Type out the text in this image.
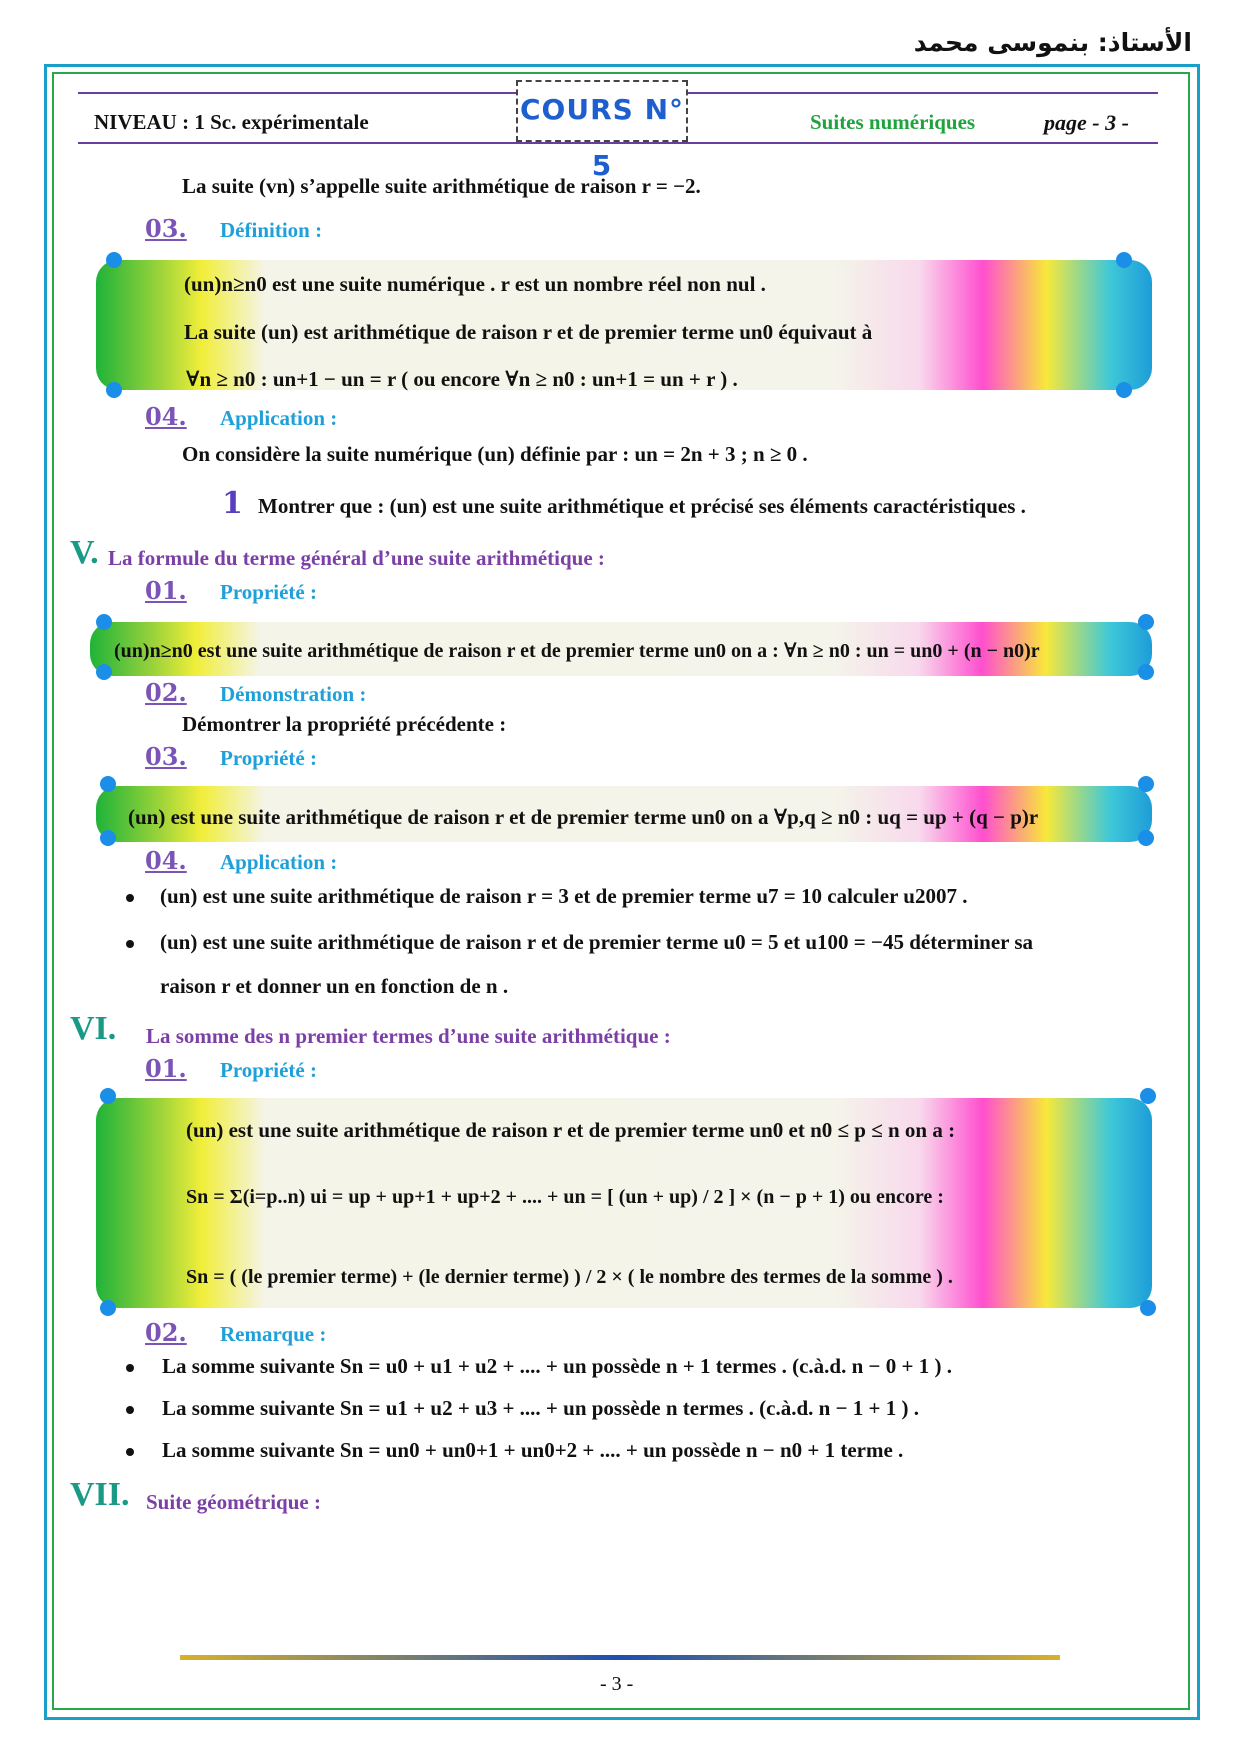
الأستاذ: بنموسى محمد
NIVEAU : 1 Sc. expérimentale	COURS N° 5
Suites numériques	page - 3 -
La suite (vn) s’appelle suite arithmétique de raison r = −2.
03. Définition :
(un)n≥n0 est une suite numérique . r est un nombre réel non nul .
La suite (un) est arithmétique de raison r et de premier terme un0 équivaut à
∀n ≥ n0 : un+1 − un = r ( ou encore ∀n ≥ n0 : un+1 = un + r ) .
04. Application :
On considère la suite numérique (un) définie par : un = 2n + 3 ; n ≥ 0 .
1 Montrer que : (un) est une suite arithmétique et précisé ses éléments caractéristiques .
V. La formule du terme général d’une suite arithmétique :
01. Propriété :
(un)n≥n0 est une suite arithmétique de raison r et de premier terme un0 on a : ∀n ≥ n0 : un = un0 + (n − n0)r
02. Démonstration :
Démontrer la propriété précédente :
03. Propriété :
(un) est une suite arithmétique de raison r et de premier terme un0 on a ∀p,q ≥ n0 : uq = up + (q − p)r
04. Application :
(un) est une suite arithmétique de raison r = 3 et de premier terme u7 = 10 calculer u2007 .
(un) est une suite arithmétique de raison r et de premier terme u0 = 5 et u100 = −45 déterminer sa
raison r et donner un en fonction de n .
VI. La somme des n premier termes d’une suite arithmétique :
01. Propriété :
(un) est une suite arithmétique de raison r et de premier terme un0 et n0 ≤ p ≤ n on a :
Sn = Σ(i=p..n) ui = up + up+1 + up+2 + .... + un = [ (un + up) / 2 ] × (n − p + 1) ou encore :
Sn = ( (le premier terme) + (le dernier terme) ) / 2 × ( le nombre des termes de la somme ) .
02. Remarque :
La somme suivante Sn = u0 + u1 + u2 + .... + un possède n + 1 termes . (c.à.d. n − 0 + 1 ) .
La somme suivante Sn = u1 + u2 + u3 + .... + un possède n termes . (c.à.d. n − 1 + 1 ) .
La somme suivante Sn = un0 + un0+1 + un0+2 + .... + un possède n − n0 + 1 terme .
VII. Suite géométrique :
- 3 -
